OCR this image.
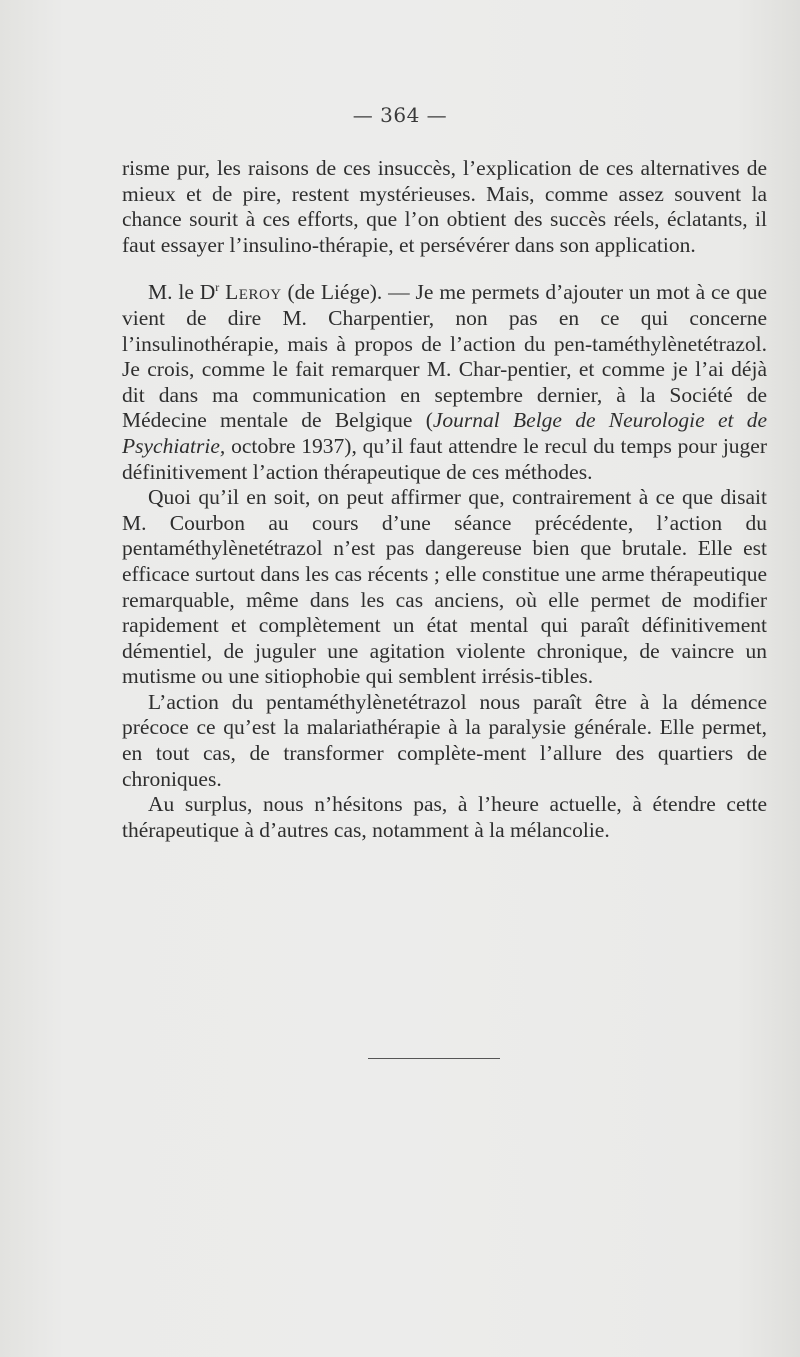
— 364 —

risme pur, les raisons de ces insuccès, l’explication de ces alternatives de mieux et de pire, restent mystérieuses. Mais, comme assez souvent la chance sourit à ces efforts, que l’on obtient des succès réels, éclatants, il faut essayer l’insulino-thérapie, et persévérer dans son application.

M. le $D^r$ Leroy (de Liége). — Je me permets d’ajouter un mot à ce que vient de dire M. Charpentier, non pas en ce qui concerne l’insulinothérapie, mais à propos de l’action du pen-taméthylènetétrazol. Je crois, comme le fait remarquer M. Char-pentier, et comme je l’ai déjà dit dans ma communication en septembre dernier, à la Société de Médecine mentale de Belgique (Journal Belge de Neurologie et de Psychiatrie, octobre 1937), qu’il faut attendre le recul du temps pour juger définitivement l’action thérapeutique de ces méthodes.

Quoi qu’il en soit, on peut affirmer que, contrairement à ce que disait M. Courbon au cours d’une séance précédente, l’action du pentaméthylènetétrazol n’est pas dangereuse bien que brutale. Elle est efficace surtout dans les cas récents ; elle constitue une arme thérapeutique remarquable, même dans les cas anciens, où elle permet de modifier rapidement et complètement un état mental qui paraît définitivement démentiel, de juguler une agitation violente chronique, de vaincre un mutisme ou une sitiophobie qui semblent irrésis-tibles.

L’action du pentaméthylènetétrazol nous paraît être à la démence précoce ce qu’est la malariathérapie à la paralysie générale. Elle permet, en tout cas, de transformer complète-ment l’allure des quartiers de chroniques.

Au surplus, nous n’hésitons pas, à l’heure actuelle, à étendre cette thérapeutique à d’autres cas, notamment à la mélancolie.
